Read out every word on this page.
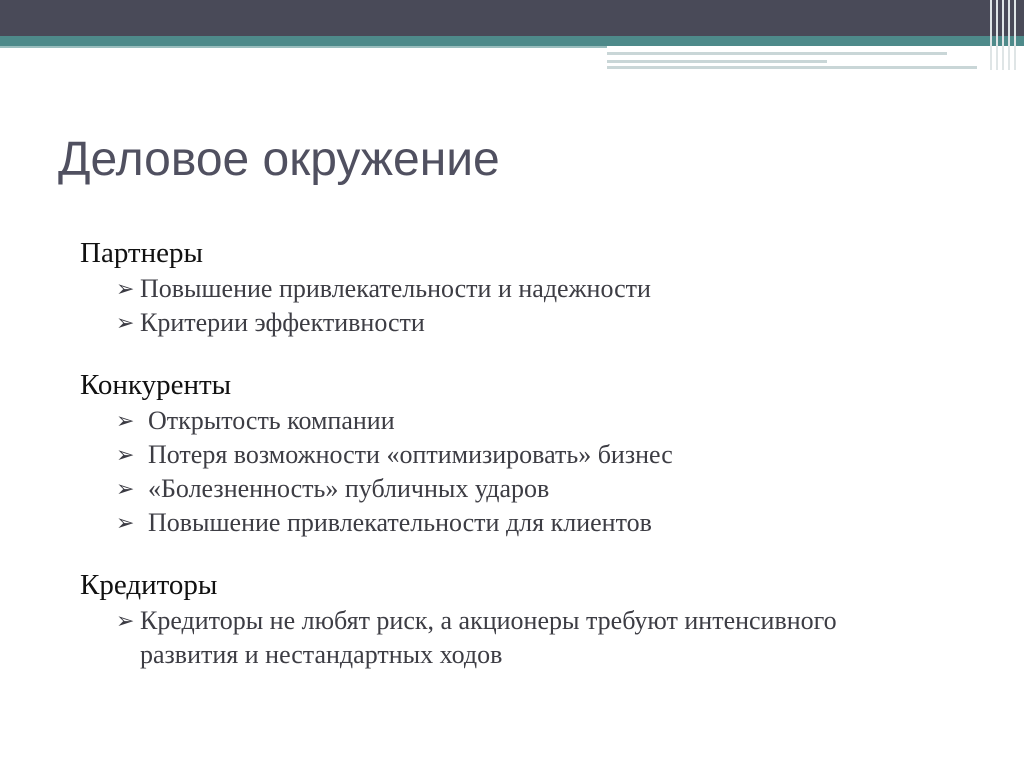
Деловое окружение
Партнеры
➢ Повышение привлекательности и надежности
➢ Критерии эффективности
Конкуренты
➢ Открытость компании
➢ Потеря возможности «оптимизировать» бизнес
➢ «Болезненность» публичных ударов
➢ Повышение привлекательности для клиентов
Кредиторы
➢ Кредиторы не любят риск, а акционеры требуют интенсивного развития и нестандартных ходов
